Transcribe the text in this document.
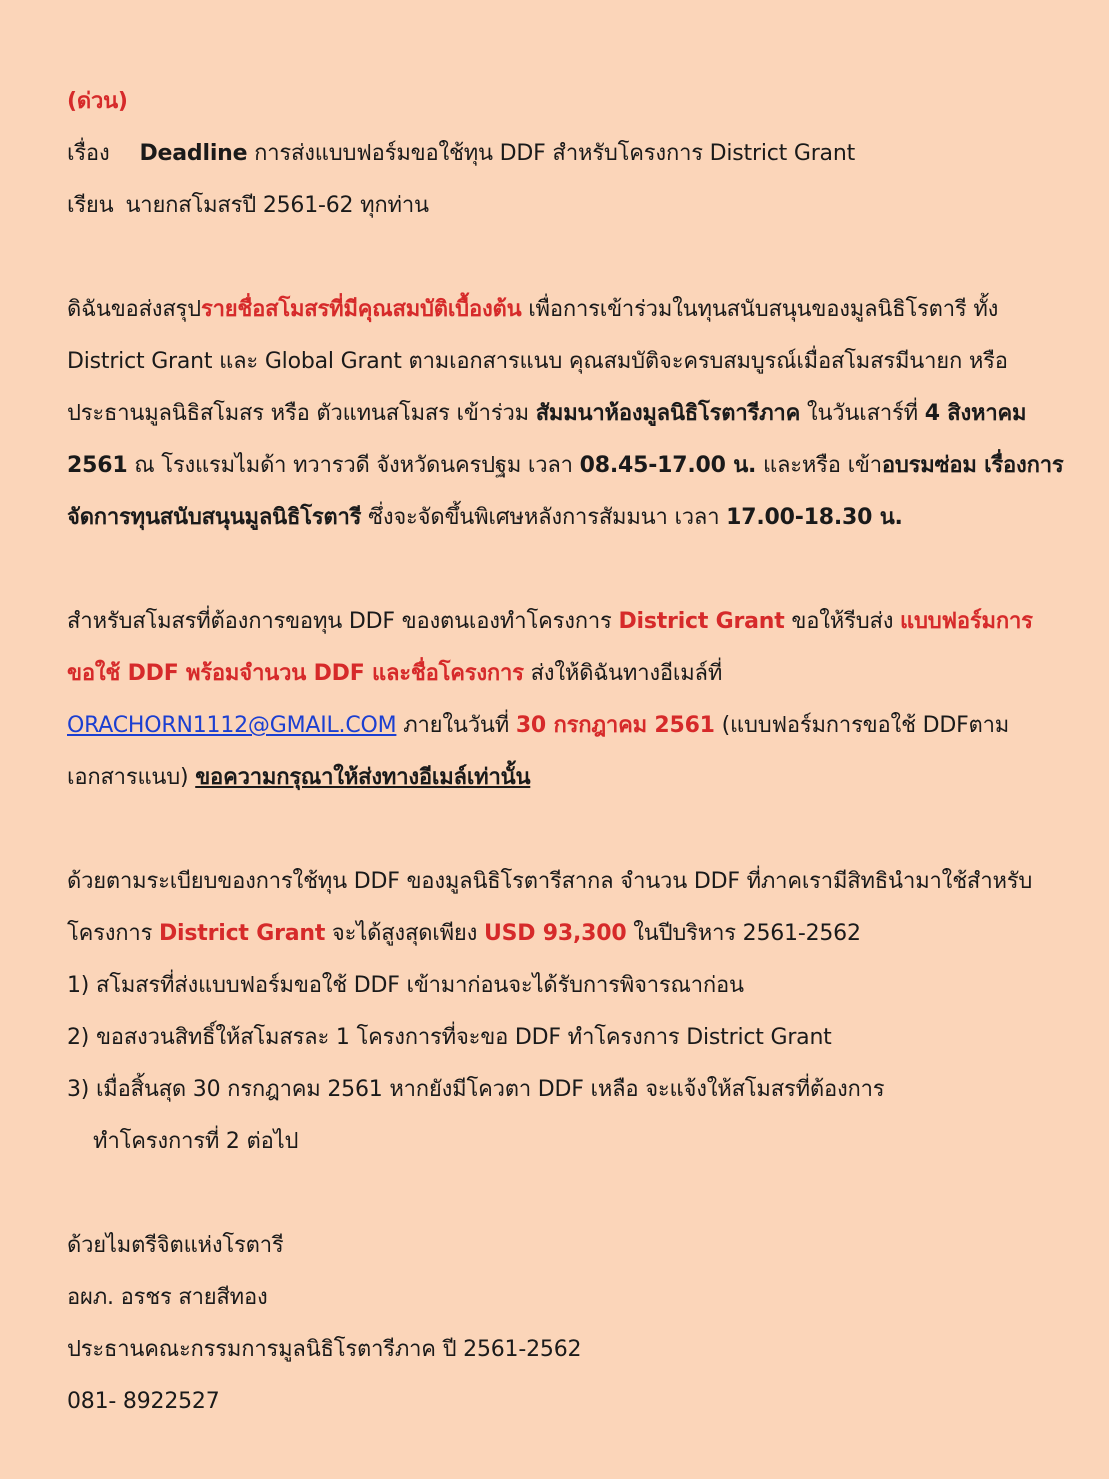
(ด่วน)
เรื่อง Deadline การส่งแบบฟอร์มขอใช้ทุน DDF สำหรับโครงการ District Grant
เรียน นายกสโมสรปี 2561-62 ทุกท่าน
ดิฉันขอส่งสรุปรายชื่อสโมสรที่มีคุณสมบัติเบื้องต้น เพื่อการเข้าร่วมในทุนสนับสนุนของมูลนิธิโรตารี ทั้ง
District Grant และ Global Grant ตามเอกสารแนบ คุณสมบัติจะครบสมบูรณ์เมื่อสโมสรมีนายก หรือ
ประธานมูลนิธิสโมสร หรือ ตัวแทนสโมสร เข้าร่วม สัมมนาห้องมูลนิธิโรตารีภาค ในวันเสาร์ที่ 4 สิงหาคม
2561 ณ โรงแรมไมด้า ทวารวดี จังหวัดนครปฐม เวลา 08.45-17.00 น. และหรือ เข้าอบรมซ่อม เรื่องการ
จัดการทุนสนับสนุนมูลนิธิโรตารี ซึ่งจะจัดขึ้นพิเศษหลังการสัมมนา เวลา 17.00-18.30 น.
สำหรับสโมสรที่ต้องการขอทุน DDF ของตนเองทำโครงการ District Grant ขอให้รีบส่ง แบบฟอร์มการ
ขอใช้ DDF พร้อมจำนวน DDF และชื่อโครงการ ส่งให้ดิฉันทางอีเมล์ที่
ORACHORN1112@GMAIL.COM ภายในวันที่ 30 กรกฎาคม 2561 (แบบฟอร์มการขอใช้ DDFตาม
เอกสารแนบ) ขอความกรุณาให้ส่งทางอีเมล์เท่านั้น
ด้วยตามระเบียบของการใช้ทุน DDF ของมูลนิธิโรตารีสากล จำนวน DDF ที่ภาคเรามีสิทธินำมาใช้สำหรับ
โครงการ District Grant จะได้สูงสุดเพียง USD 93,300 ในปีบริหาร 2561-2562
1) สโมสรที่ส่งแบบฟอร์มขอใช้ DDF เข้ามาก่อนจะได้รับการพิจารณาก่อน
2) ขอสงวนสิทธิ์ให้สโมสรละ 1 โครงการที่จะขอ DDF ทำโครงการ District Grant
3) เมื่อสิ้นสุด 30 กรกฎาคม 2561 หากยังมีโควตา DDF เหลือ จะแจ้งให้สโมสรที่ต้องการ
ทำโครงการที่ 2 ต่อไป
ด้วยไมตรีจิตแห่งโรตารี
อผภ. อรชร สายสีทอง
ประธานคณะกรรมการมูลนิธิโรตารีภาค ปี 2561-2562
081- 8922527
